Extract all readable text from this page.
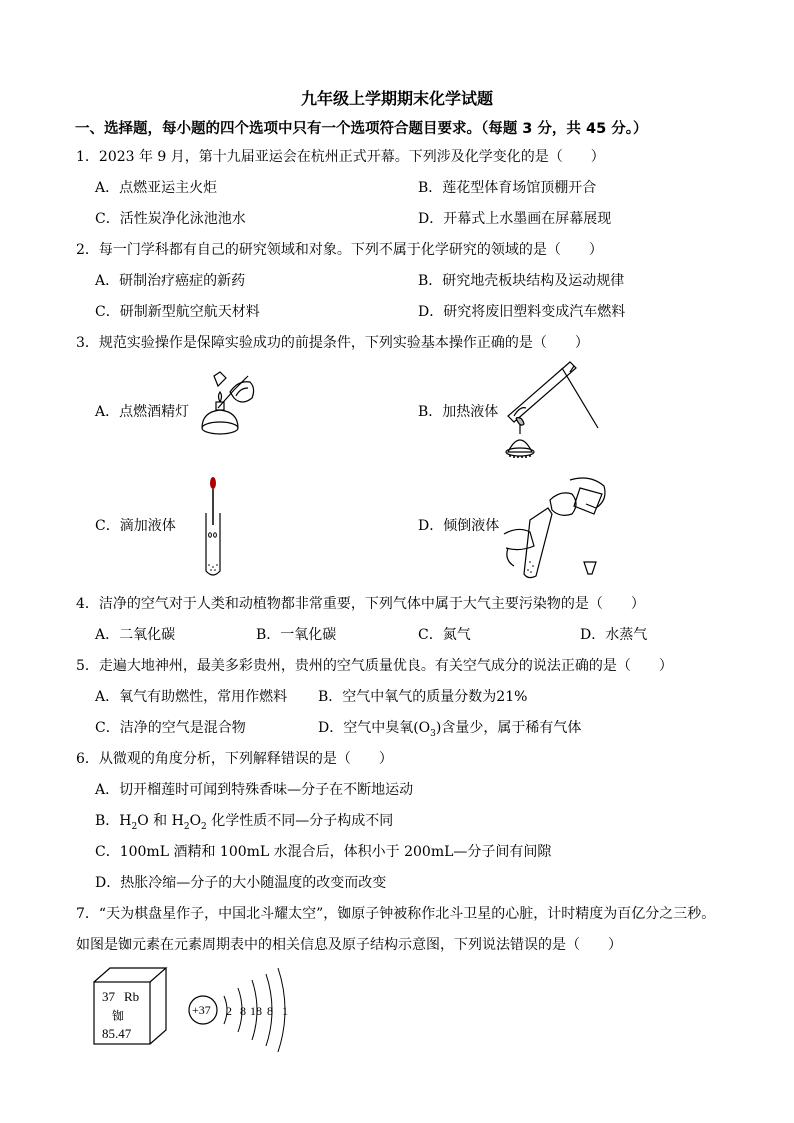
九年级上学期期末化学试题
一、选择题，每小题的四个选项中只有一个选项符合题目要求。（每题 3 分，共 45 分。）
1．2023 年 9 月，第十九届亚运会在杭州正式开幕。下列涉及化学变化的是（　　）
A．点燃亚运主火炬	B．莲花型体育场馆顶棚开合
C．活性炭净化泳池池水	D．开幕式上水墨画在屏幕展现
2．每一门学科都有自己的研究领域和对象。下列不属于化学研究的领域的是（　　）
A．研制治疗癌症的新药	B．研究地壳板块结构及运动规律
C．研制新型航空航天材料	D．研究将废旧塑料变成汽车燃料
3．规范实验操作是保障实验成功的前提条件，下列实验基本操作正确的是（　　）
A．点燃酒精灯	B．加热液体
C．滴加液体	D．倾倒液体
4．洁净的空气对于人类和动植物都非常重要，下列气体中属于大气主要污染物的是（　　）
A．二氧化碳	B．一氧化碳	C．氮气	D．水蒸气
5．走遍大地神州，最美多彩贵州，贵州的空气质量优良。有关空气成分的说法正确的是（　　）
A．氧气有助燃性，常用作燃料 B．空气中氧气的质量分数为21%
C．洁净的空气是混合物	D．空气中臭氧$(O_3)$含量少，属于稀有气体
6．从微观的角度分析，下列解释错误的是（　　）
A．切开榴莲时可闻到特殊香味—分子在不断地运动
B．$H_2O$ 和 $H_2O_2$ 化学性质不同—分子构成不同
C．100mL 酒精和 100mL 水混合后，体积小于 200mL—分子间有间隙
D．热胀冷缩—分子的大小随温度的改变而改变
7．“天为棋盘星作子，中国北斗耀太空”，铷原子钟被称作北斗卫星的心脏，计时精度为百亿分之三秒。
如图是铷元素在元素周期表中的相关信息及原子结构示意图，下列说法错误的是（　　）
37 Rb
铷
85.47
+37 2 8 18 8 1
